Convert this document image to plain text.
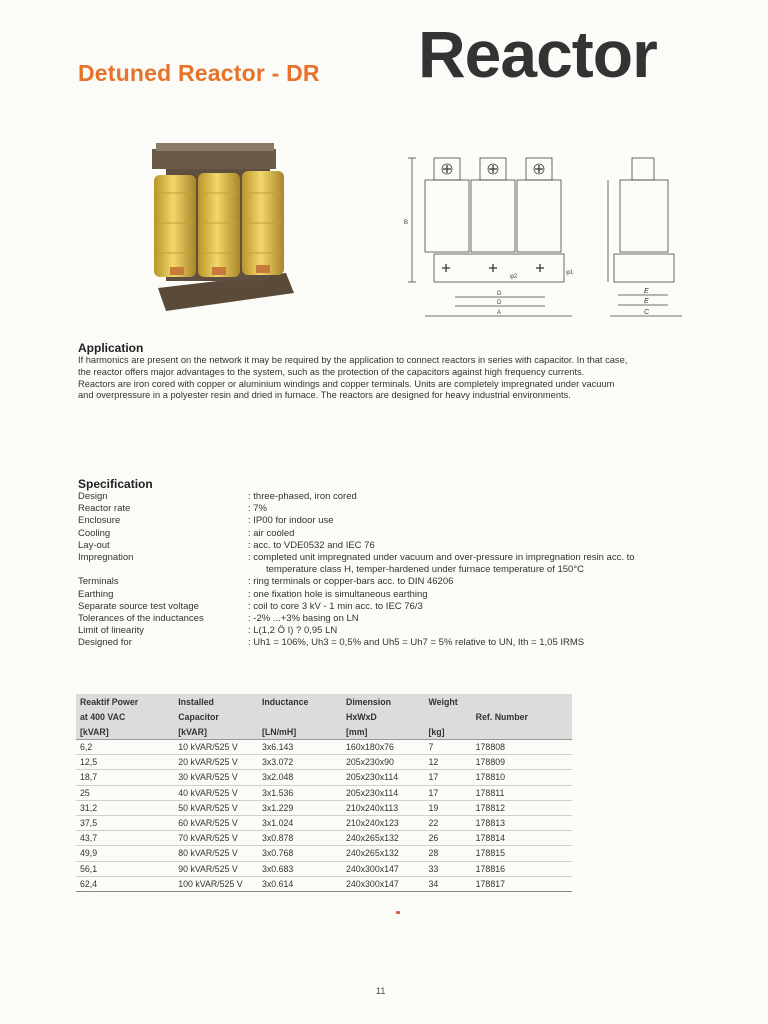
Detuned Reactor - DR Reactor
B
φ2
φ1
D
D
A
E
E
C
Application
If harmonics are present on the network it may be required by the application to connect reactors in series with capacitor. In that case,
the reactor offers major advantages to the system, such as the protection of the capacitors against high frequency currents.
Reactors are iron cored with copper or aluminium windings and copper terminals. Units are completely impregnated under vacuum
and overpressure in a polyester resin and dried in furnace. The reactors are designed for heavy industrial environments.
Specification
Design	: three-phased, iron cored
Reactor rate	: 7%
Enclosure	: IP00 for indoor use
Cooling	: air cooled
Lay-out	: acc. to VDE0532 and IEC 76
Impregnation	: completed unit impregnated under vacuum and over-pressure in impregnation resin acc. to
temperature class H, temper-hardened under furnace temperature of 150°C
Terminals	: ring terminals or copper-bars acc. to DIN 46206
Earthing	: one fixation hole is simultaneous earthing
Separate source test voltage	: coil to core 3 kV - 1 min acc. to IEC 76/3
Tolerances of the inductances	: -2% ...+3% basing on LN
Limit of linearity	: L(1,2 Ö I) ? 0,95 LN
Designed for	: Uh1 = 106%, Uh3 = 0,5% and Uh5 = Uh7 = 5% relative to UN, Ith = 1,05 IRMS
Reaktif Power	Installed	Inductance	Dimension	Weight	
at 400 VAC	Capacitor		HxWxD		Ref. Number
[kVAR]	[kVAR]	[LN/mH]	[mm]	[kg]	
6,2	10 kVAR/525 V	3x6.143	160x180x76	7	178808
12,5	20 kVAR/525 V	3x3.072	205x230x90	12	178809
18,7	30 kVAR/525 V	3x2.048	205x230x114	17	178810
25	40 kVAR/525 V	3x1.536	205x230x114	17	178811
31,2	50 kVAR/525 V	3x1.229	210x240x113	19	178812
37,5	60 kVAR/525 V	3x1.024	210x240x123	22	178813
43,7	70 kVAR/525 V	3x0.878	240x265x132	26	178814
49,9	80 kVAR/525 V	3x0.768	240x265x132	28	178815
56,1	90 kVAR/525 V	3x0.683	240x300x147	33	178816
62,4	100 kVAR/525 V	3x0.614	240x300x147	34	178817
11
